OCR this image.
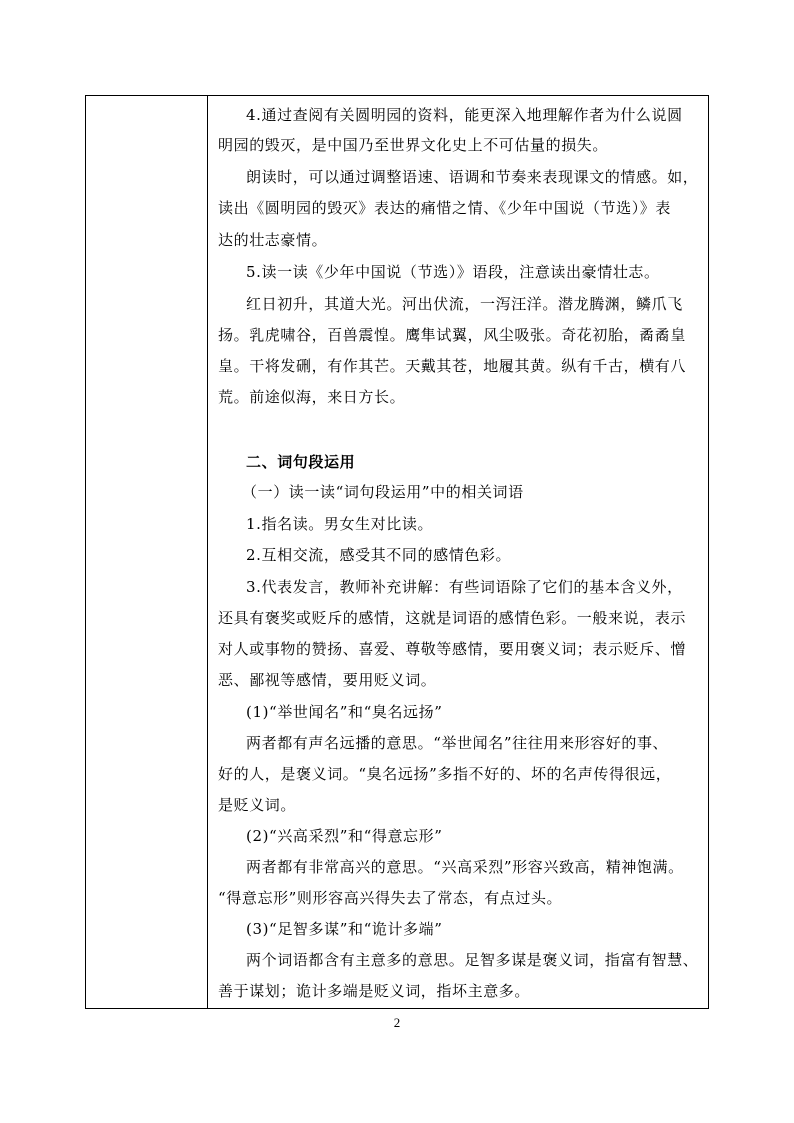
4.通过查阅有关圆明园的资料，能更深入地理解作者为什么说圆
明园的毁灭，是中国乃至世界文化史上不可估量的损失。
朗读时，可以通过调整语速、语调和节奏来表现课文的情感。如，
读出《圆明园的毁灭》表达的痛惜之情、《少年中国说（节选）》表
达的壮志豪情。
5.读一读《少年中国说（节选）》语段，注意读出豪情壮志。
红日初升，其道大光。河出伏流，一泻汪洋。潜龙腾渊，鳞爪飞
扬。乳虎啸谷，百兽震惶。鹰隼试翼，风尘吸张。奇花初胎，矞矞皇
皇。干将发硎，有作其芒。天戴其苍，地履其黄。纵有千古，横有八
荒。前途似海，来日方长。
二、词句段运用
（一）读一读“词句段运用”中的相关词语
1.指名读。男女生对比读。
2.互相交流，感受其不同的感情色彩。
3.代表发言，教师补充讲解：有些词语除了它们的基本含义外，
还具有褒奖或贬斥的感情，这就是词语的感情色彩。一般来说，表示
对人或事物的赞扬、喜爱、尊敬等感情，要用褒义词；表示贬斥、憎
恶、鄙视等感情，要用贬义词。
(1)“举世闻名”和“臭名远扬”
两者都有声名远播的意思。“举世闻名”往往用来形容好的事、
好的人，是褒义词。“臭名远扬”多指不好的、坏的名声传得很远，
是贬义词。
(2)“兴高采烈”和“得意忘形”
两者都有非常高兴的意思。“兴高采烈”形容兴致高，精神饱满。
“得意忘形”则形容高兴得失去了常态，有点过头。
(3)“足智多谋”和“诡计多端”
两个词语都含有主意多的意思。足智多谋是褒义词，指富有智慧、
善于谋划；诡计多端是贬义词，指坏主意多。
2
